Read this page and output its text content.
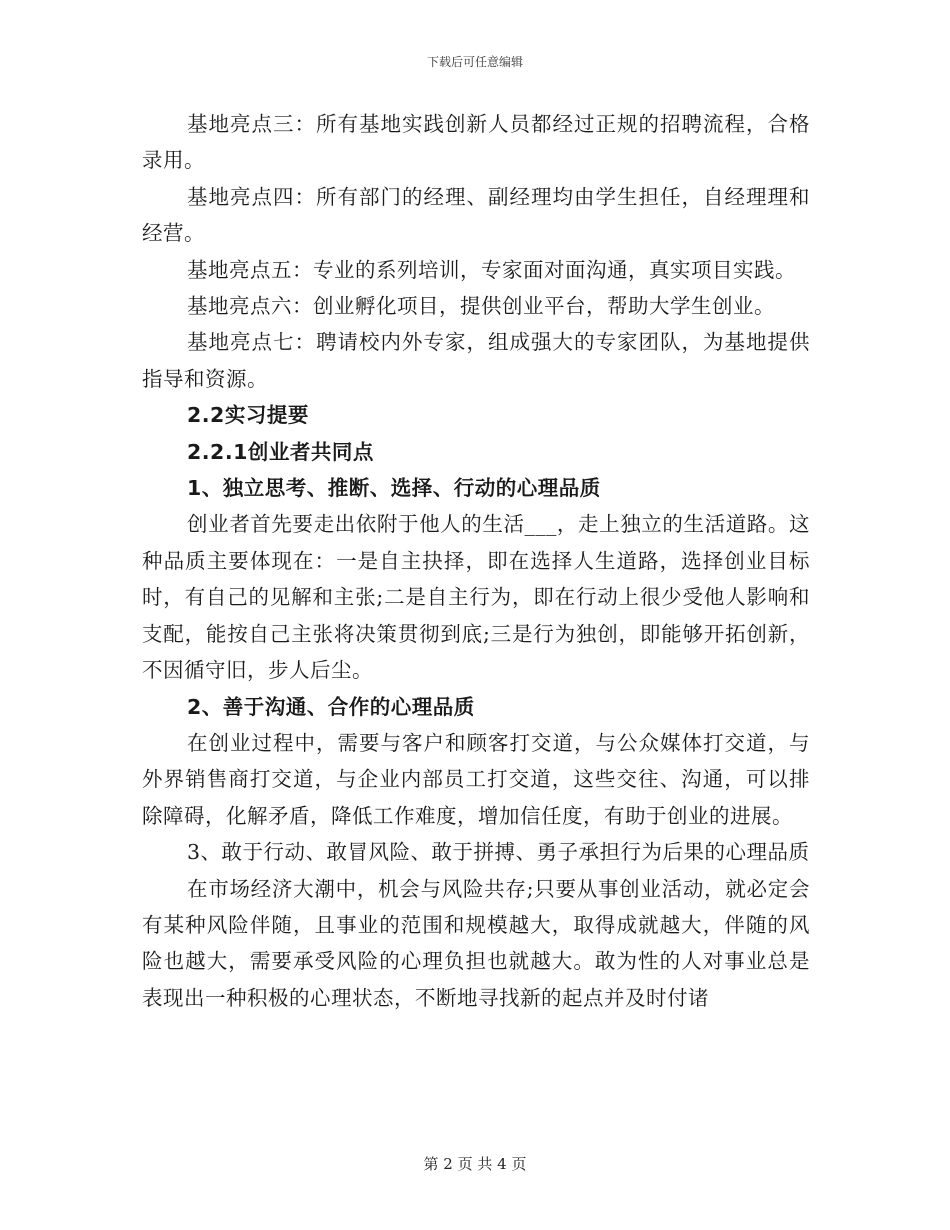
下载后可任意编辑

基地亮点三：所有基地实践创新人员都经过正规的招聘流程，合格录用。

基地亮点四：所有部门的经理、副经理均由学生担任，自经理理和经营。

基地亮点五：专业的系列培训，专家面对面沟通，真实项目实践。

基地亮点六：创业孵化项目，提供创业平台，帮助大学生创业。

基地亮点七：聘请校内外专家，组成强大的专家团队，为基地提供指导和资源。

2.2实习提要

2.2.1创业者共同点

1、独立思考、推断、选择、行动的心理品质

创业者首先要走出依附于他人的生活___，走上独立的生活道路。这种品质主要体现在：一是自主抉择，即在选择人生道路，选择创业目标时，有自己的见解和主张;二是自主行为，即在行动上很少受他人影响和支配，能按自己主张将决策贯彻到底;三是行为独创，即能够开拓创新，不因循守旧，步人后尘。

2、善于沟通、合作的心理品质

在创业过程中，需要与客户和顾客打交道，与公众媒体打交道，与外界销售商打交道，与企业内部员工打交道，这些交往、沟通，可以排除障碍，化解矛盾，降低工作难度，增加信任度，有助于创业的进展。

3、敢于行动、敢冒风险、敢于拼搏、勇子承担行为后果的心理品质

在市场经济大潮中，机会与风险共存;只要从事创业活动，就必定会有某种风险伴随，且事业的范围和规模越大，取得成就越大，伴随的风险也越大，需要承受风险的心理负担也就越大。敢为性的人对事业总是表现出一种积极的心理状态，不断地寻找新的起点并及时付诸

第 2 页 共 4 页
